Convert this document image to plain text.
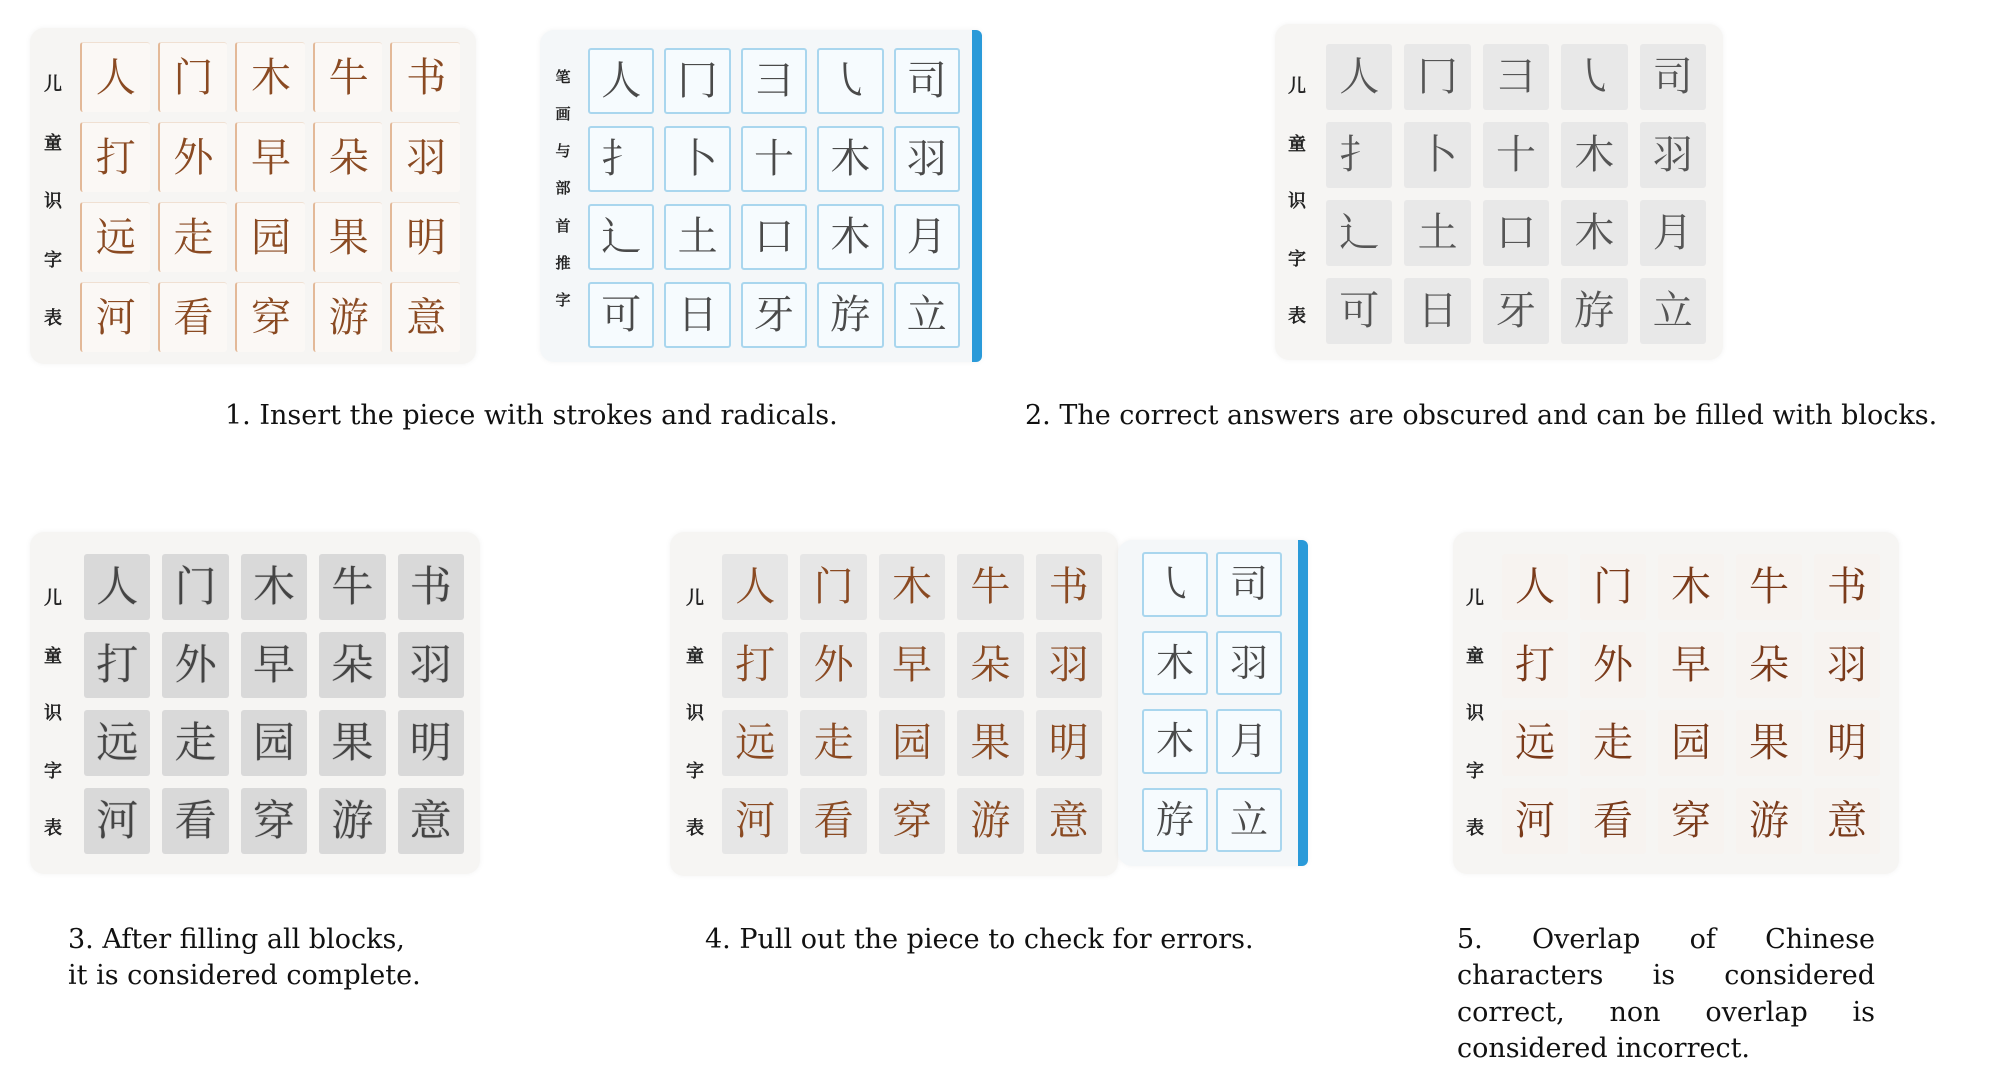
儿
童
识
字
表
人 门 木 牛 书
打 外 早 朵 羽
远 走 园 果 明
河 看 穿 游 意
笔
画
与
部
首
推
字
人 冂 彐 ㇂ 司
扌 卜 十 木 羽
辶 土 口 木 月
可 日 牙 斿 立
儿
童
识
字
表
人 冂 彐 ㇂ 司
扌 卜 十 木 羽
辶 土 口 木 月
可 日 牙 斿 立
1. Insert the piece with strokes and radicals.	2. The correct answers are obscured and can be filled with blocks.
儿
童
识
字
表
人 门 木 牛 书
打 外 早 朵 羽
远 走 园 果 明
河 看 穿 游 意
儿
童
识
字
表
人 门 木 牛 书
打 外 早 朵 羽
远 走 园 果 明
河 看 穿 游 意
㇂ 司
木 羽
木 月
斿 立
儿
童
识
字
表
人 门 木 牛 书
打 外 早 朵 羽
远 走 园 果 明
河 看 穿 游 意
3. After filling all blocks,
it is considered complete.
4. Pull out the piece to check for errors.	5. Overlap of Chinese characters is considered correct, non overlap is considered incorrect.
